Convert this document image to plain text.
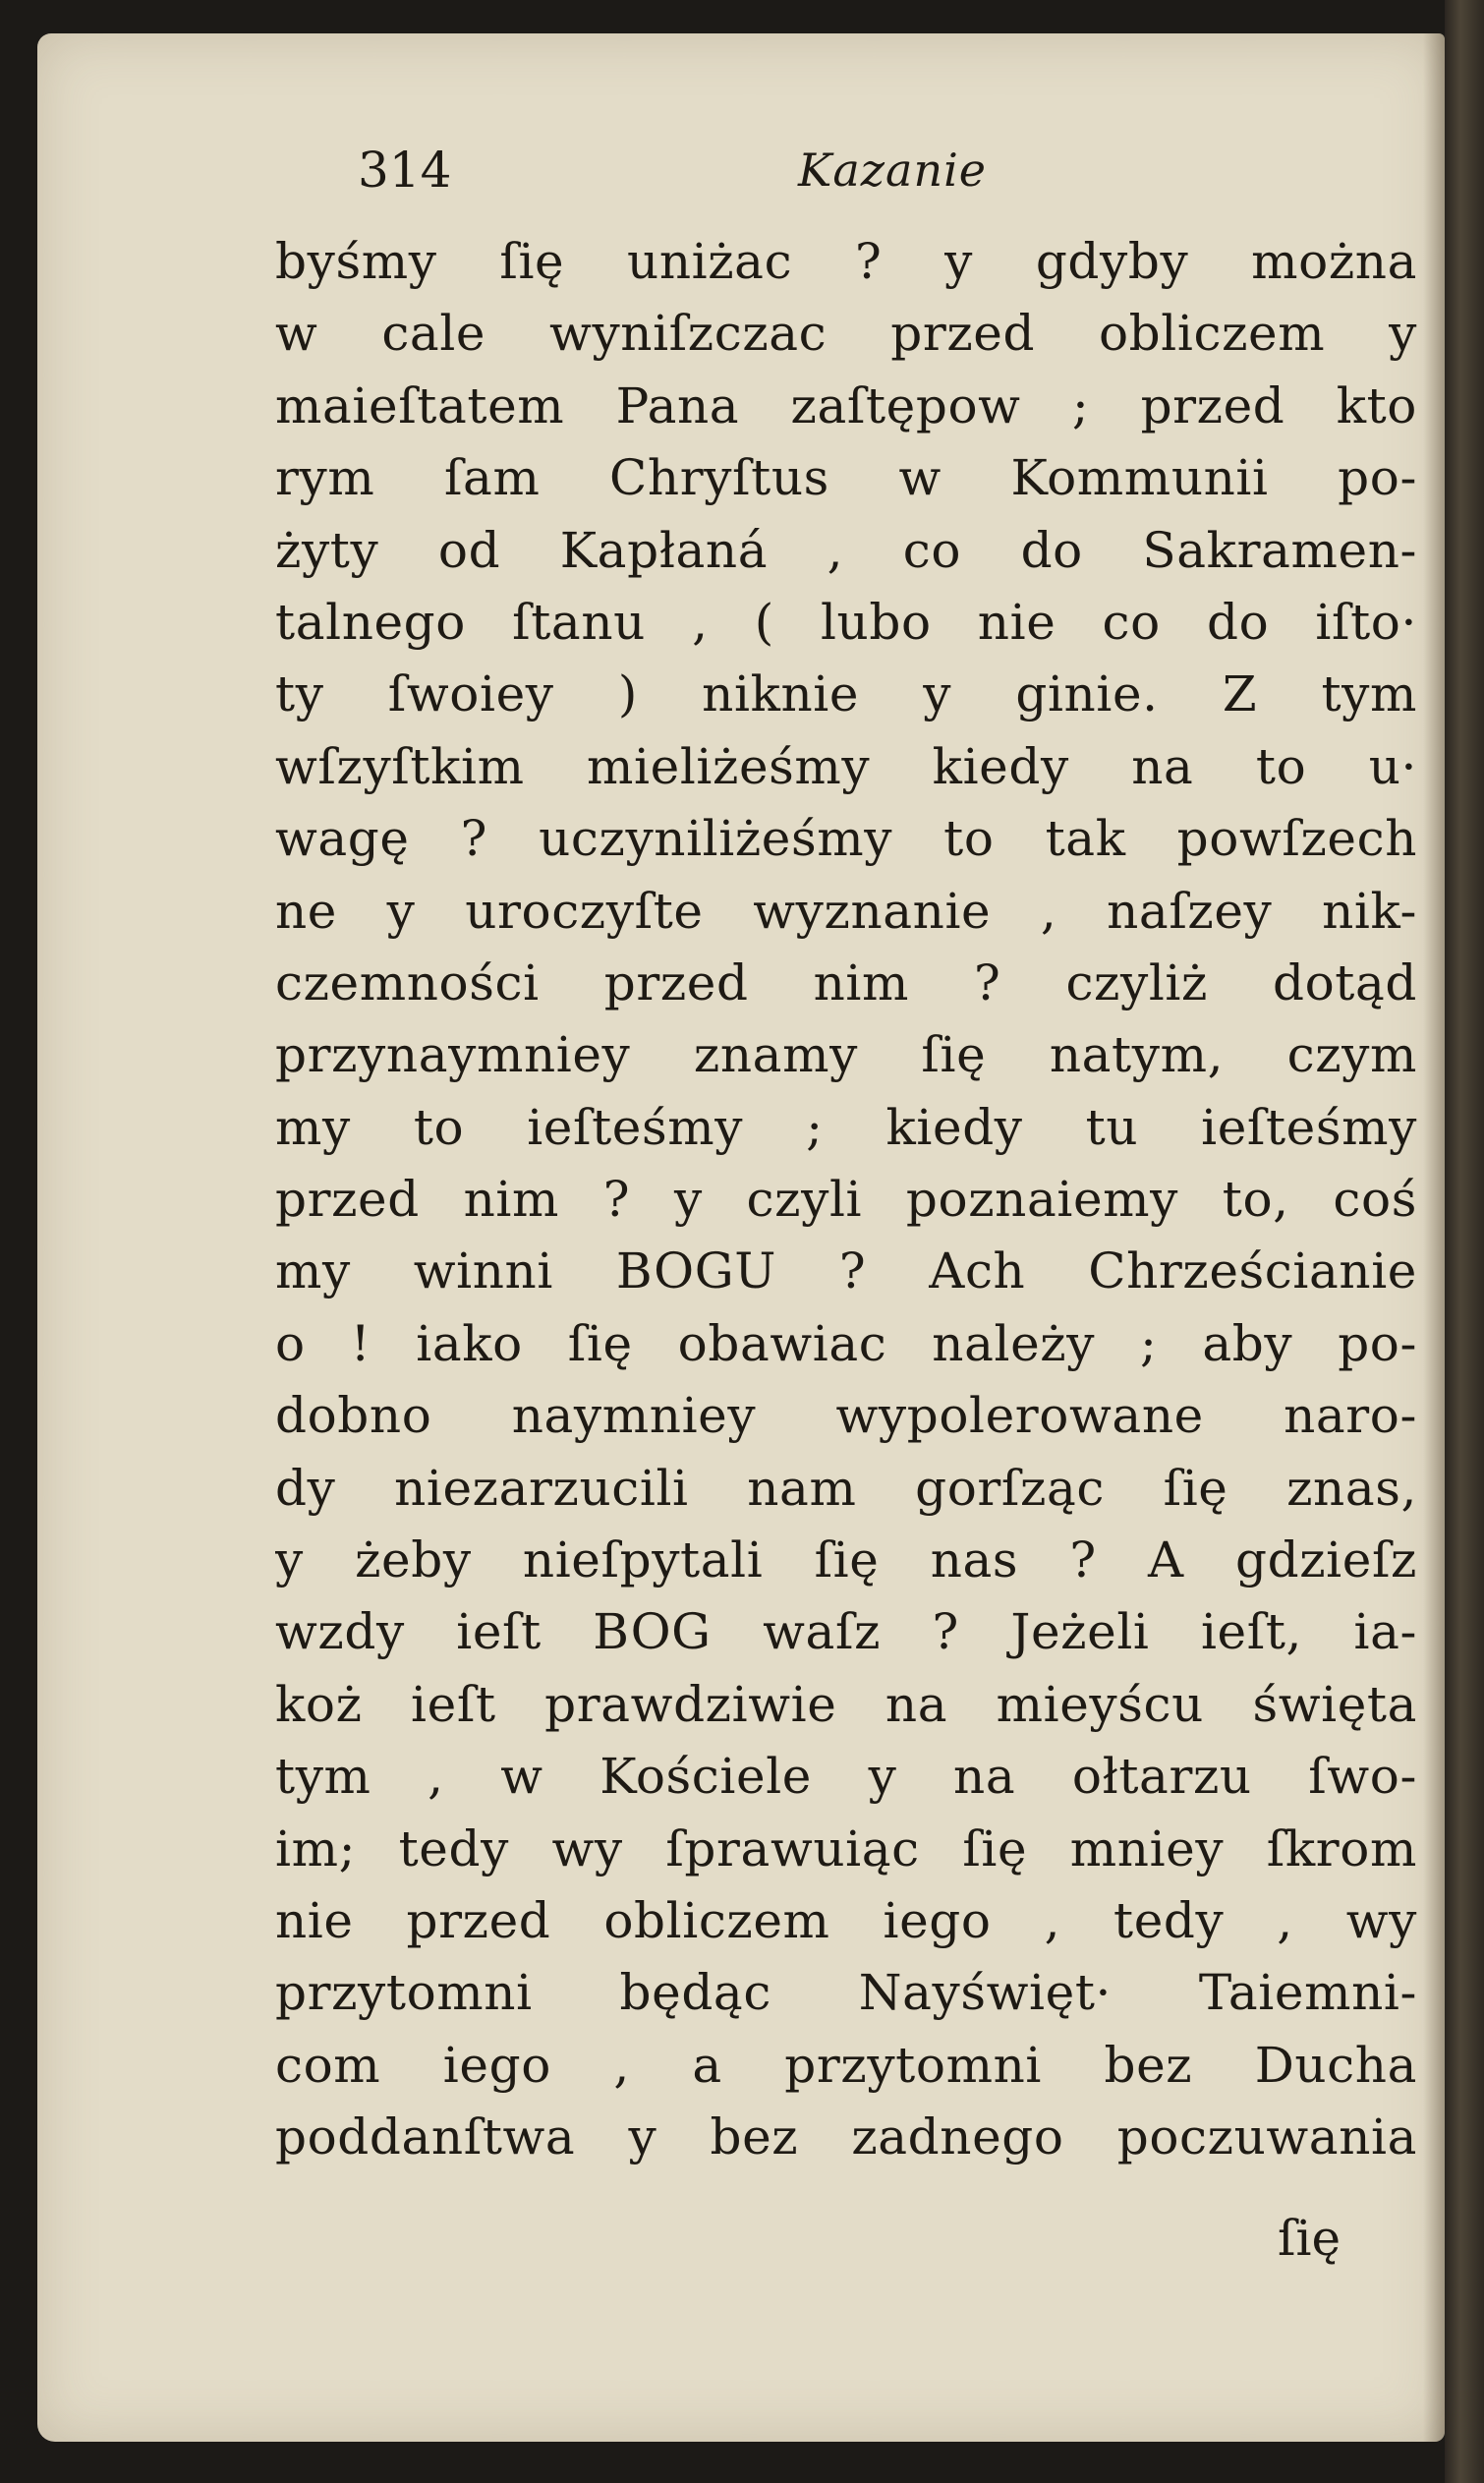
314	Kazanie
byśmy ſię uniżac ? y gdyby można
w cale wyniſzczac przed obliczem y
maieſtatem Pana zaſtępow ; przed kto
rym ſam Chryſtus w Kommunii po-
żyty od Kapłaná , co do Sakramen-
talnego ſtanu , ( lubo nie co do iſto·
ty ſwoiey ) niknie y ginie. Z tym
wſzyſtkim mieliżeśmy kiedy na to u·
wagę ? uczyniliżeśmy to tak powſzech
ne y uroczyſte wyznanie , naſzey nik-
czemności przed nim ? czyliż dotąd
przynaymniey znamy ſię natym, czym
my to ieſteśmy ; kiedy tu ieſteśmy
przed nim ? y czyli poznaiemy to, coś
my winni BOGU ? Ach Chrześcianie
o ! iako ſię obawiac należy ; aby po-
dobno naymniey wypolerowane naro-
dy niezarzucili nam gorſząc ſię znas,
y żeby nieſpytali ſię nas ? A gdzieſz
wzdy ieſt BOG waſz ? Jeżeli ieſt, ia-
koż ieſt prawdziwie na mieyścu święta
tym , w Kościele y na ołtarzu ſwo-
im; tedy wy ſprawuiąc ſię mniey ſkrom
nie przed obliczem iego , tedy , wy
przytomni będąc Nayświęt· Taiemni-
com iego , a przytomni bez Ducha
poddanſtwa y bez zadnego poczuwania
ſię
